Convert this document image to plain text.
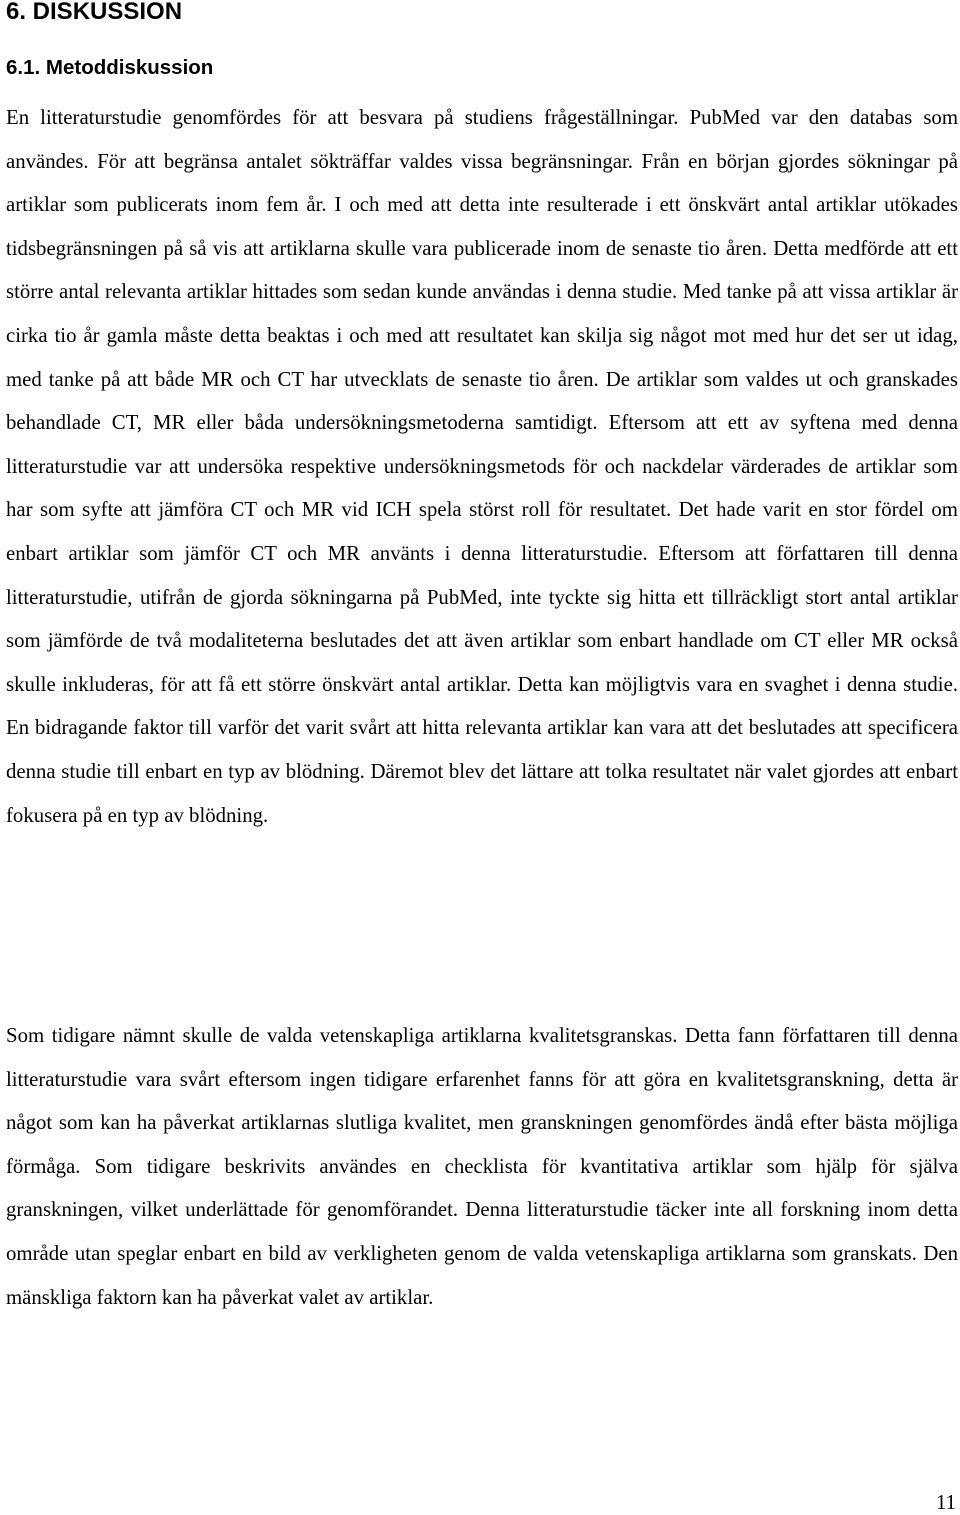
6. DISKUSSION
6.1. Metoddiskussion

En litteraturstudie genomfördes för att besvara på studiens frågeställningar. PubMed var den databas som användes. För att begränsa antalet sökträffar valdes vissa begränsningar. Från en början gjordes sökningar på artiklar som publicerats inom fem år. I och med att detta inte resulterade i ett önskvärt antal artiklar utökades tidsbegränsningen på så vis att artiklarna skulle vara publicerade inom de senaste tio åren. Detta medförde att ett större antal relevanta artiklar hittades som sedan kunde användas i denna studie. Med tanke på att vissa artiklar är cirka tio år gamla måste detta beaktas i och med att resultatet kan skilja sig något mot med hur det ser ut idag, med tanke på att både MR och CT har utvecklats de senaste tio åren. De artiklar som valdes ut och granskades behandlade CT, MR eller båda undersökningsmetoderna samtidigt. Eftersom att ett av syftena med denna litteraturstudie var att undersöka respektive undersökningsmetods för och nackdelar värderades de artiklar som har som syfte att jämföra CT och MR vid ICH spela störst roll för resultatet. Det hade varit en stor fördel om enbart artiklar som jämför CT och MR använts i denna litteraturstudie. Eftersom att författaren till denna litteraturstudie, utifrån de gjorda sökningarna på PubMed, inte tyckte sig hitta ett tillräckligt stort antal artiklar som jämförde de två modaliteterna beslutades det att även artiklar som enbart handlade om CT eller MR också skulle inkluderas, för att få ett större önskvärt antal artiklar. Detta kan möjligtvis vara en svaghet i denna studie. En bidragande faktor till varför det varit svårt att hitta relevanta artiklar kan vara att det beslutades att specificera denna studie till enbart en typ av blödning. Däremot blev det lättare att tolka resultatet när valet gjordes att enbart fokusera på en typ av blödning.

Som tidigare nämnt skulle de valda vetenskapliga artiklarna kvalitetsgranskas. Detta fann författaren till denna litteraturstudie vara svårt eftersom ingen tidigare erfarenhet fanns för att göra en kvalitetsgranskning, detta är något som kan ha påverkat artiklarnas slutliga kvalitet, men granskningen genomfördes ändå efter bästa möjliga förmåga. Som tidigare beskrivits användes en checklista för kvantitativa artiklar som hjälp för själva granskningen, vilket underlättade för genomförandet. Denna litteraturstudie täcker inte all forskning inom detta område utan speglar enbart en bild av verkligheten genom de valda vetenskapliga artiklarna som granskats. Den mänskliga faktorn kan ha påverkat valet av artiklar.

11
